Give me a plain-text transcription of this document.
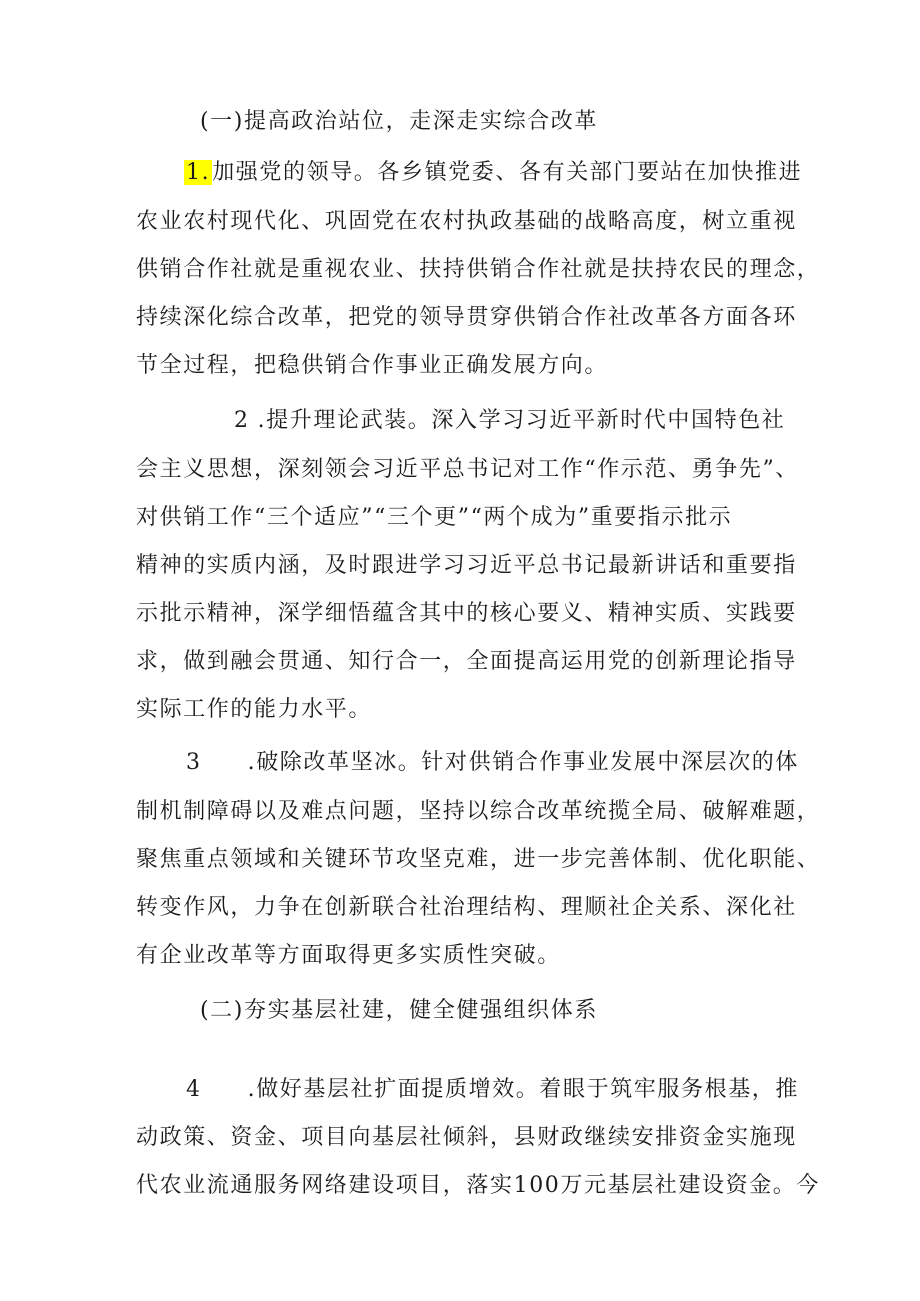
(一)提高政治站位，走深走实综合改革
1.加强党的领导。各乡镇党委、各有关部门要站在加快推进
农业农村现代化、巩固党在农村执政基础的战略高度，树立重视
供销合作社就是重视农业、扶持供销合作社就是扶持农民的理念，
持续深化综合改革，把党的领导贯穿供销合作社改革各方面各环
节全过程，把稳供销合作事业正确发展方向。
2 .提升理论武装。深入学习习近平新时代中国特色社
会主义思想，深刻领会习近平总书记对工作“作示范、勇争先”、
对供销工作“三个适应”“三个更”“两个成为”重要指示批示
精神的实质内涵，及时跟进学习习近平总书记最新讲话和重要指
示批示精神，深学细悟蕴含其中的核心要义、精神实质、实践要
求，做到融会贯通、知行合一，全面提高运用党的创新理论指导
实际工作的能力水平。
3 .破除改革坚冰。针对供销合作事业发展中深层次的体
制机制障碍以及难点问题，坚持以综合改革统揽全局、破解难题，
聚焦重点领域和关键环节攻坚克难，进一步完善体制、优化职能、
转变作风，力争在创新联合社治理结构、理顺社企关系、深化社
有企业改革等方面取得更多实质性突破。
(二)夯实基层社建，健全健强组织体系
4 .做好基层社扩面提质增效。着眼于筑牢服务根基，推
动政策、资金、项目向基层社倾斜，县财政继续安排资金实施现
代农业流通服务网络建设项目，落实100万元基层社建设资金。今
